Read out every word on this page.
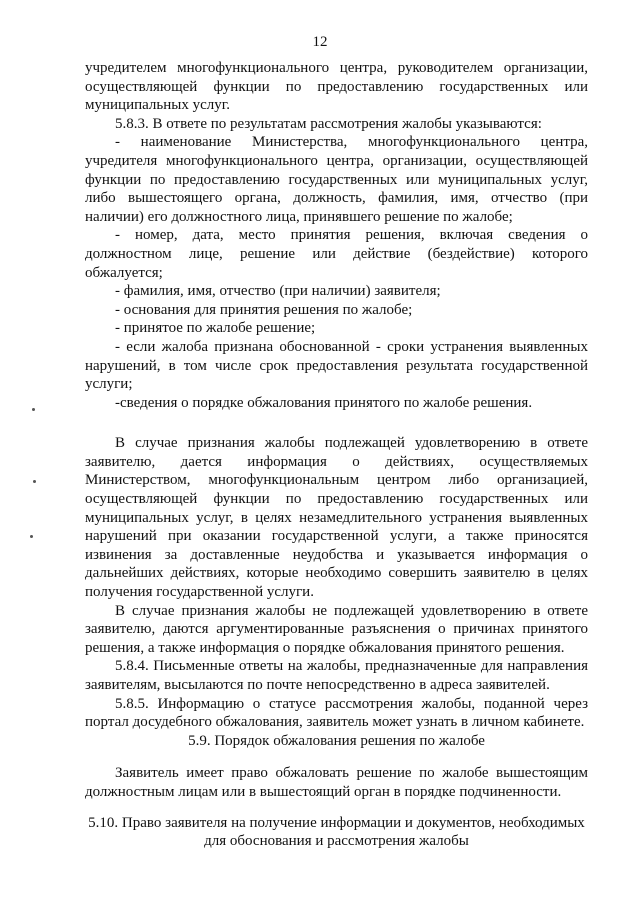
12

учредителем многофункционального центра, руководителем организации, осуществляющей функции по предоставлению государственных или муниципальных услуг.

5.8.3. В ответе по результатам рассмотрения жалобы указываются:

- наименование Министерства, многофункционального центра, учредителя многофункционального центра, организации, осуществляющей функции по предоставлению государственных или муниципальных услуг, либо вышестоящего органа, должность, фамилия, имя, отчество (при наличии) его должностного лица, принявшего решение по жалобе;

- номер, дата, место принятия решения, включая сведения о должностном лице, решение или действие (бездействие) которого обжалуется;

- фамилия, имя, отчество (при наличии) заявителя;

- основания для принятия решения по жалобе;

- принятое по жалобе решение;

- если жалоба признана обоснованной - сроки устранения выявленных нарушений, в том числе срок предоставления результата государственной услуги;

-сведения о порядке обжалования принятого по жалобе решения.

В случае признания жалобы подлежащей удовлетворению в ответе заявителю, дается информация о действиях, осуществляемых Министерством, многофункциональным центром либо организацией, осуществляющей функции по предоставлению государственных или муниципальных услуг, в целях незамедлительного устранения выявленных нарушений при оказании государственной услуги, а также приносятся извинения за доставленные неудобства и указывается информация о дальнейших действиях, которые необходимо совершить заявителю в целях получения государственной услуги.

В случае признания жалобы не подлежащей удовлетворению в ответе заявителю, даются аргументированные разъяснения о причинах принятого решения, а также информация о порядке обжалования принятого решения.

5.8.4. Письменные ответы на жалобы, предназначенные для направления заявителям, высылаются по почте непосредственно в адреса заявителей.

5.8.5. Информацию о статусе рассмотрения жалобы, поданной через портал досудебного обжалования, заявитель может узнать в личном кабинете.

5.9. Порядок обжалования решения по жалобе

Заявитель имеет право обжаловать решение по жалобе вышестоящим должностным лицам или в вышестоящий орган в порядке подчиненности.

5.10. Право заявителя на получение информации и документов, необходимых
для обоснования и рассмотрения жалобы
